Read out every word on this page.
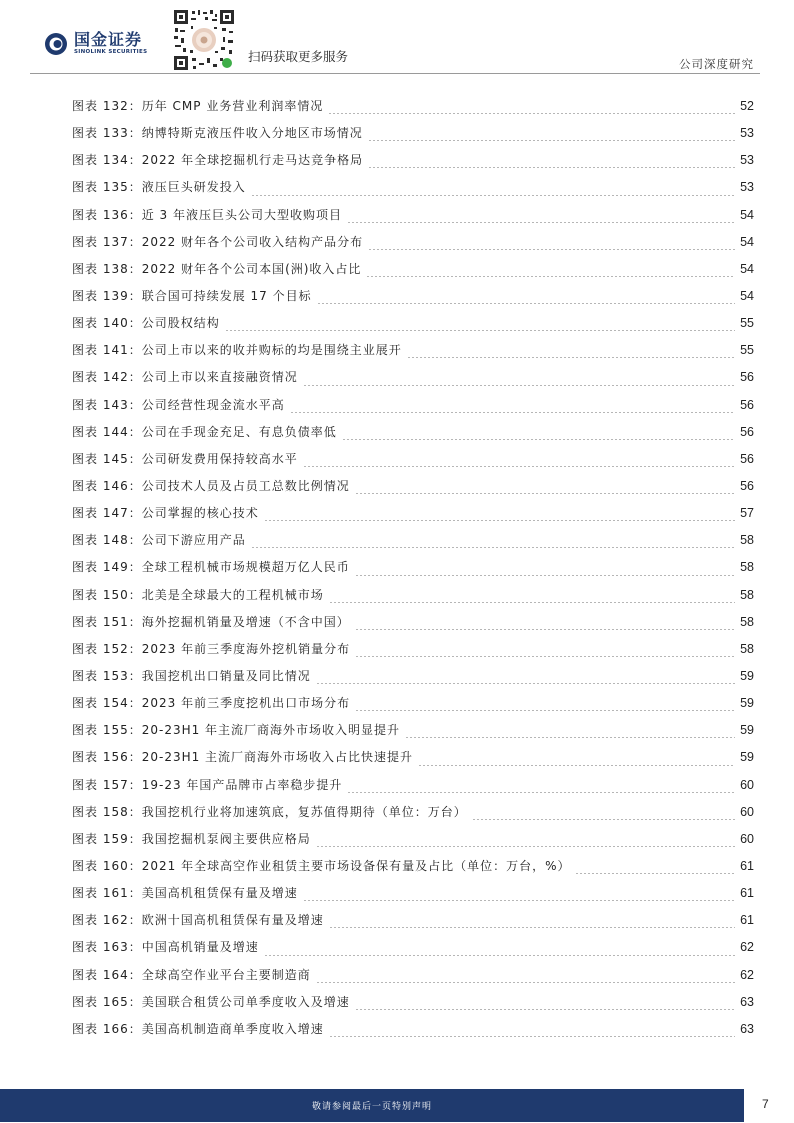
国金证券
SINOLINK SECURITIES	扫码获取更多服务	公司深度研究
图表 132：历年 CMP 业务营业利润率情况	52
图表 133：纳博特斯克液压件收入分地区市场情况	53
图表 134：2022 年全球挖掘机行走马达竞争格局	53
图表 135：液压巨头研发投入	53
图表 136：近 3 年液压巨头公司大型收购项目	54
图表 137：2022 财年各个公司收入结构产品分布	54
图表 138：2022 财年各个公司本国(洲)收入占比	54
图表 139：联合国可持续发展 17 个目标	54
图表 140：公司股权结构	55
图表 141：公司上市以来的收并购标的均是围绕主业展开	55
图表 142：公司上市以来直接融资情况	56
图表 143：公司经营性现金流水平高	56
图表 144：公司在手现金充足、有息负债率低	56
图表 145：公司研发费用保持较高水平	56
图表 146：公司技术人员及占员工总数比例情况	56
图表 147：公司掌握的核心技术	57
图表 148：公司下游应用产品	58
图表 149：全球工程机械市场规模超万亿人民币	58
图表 150：北美是全球最大的工程机械市场	58
图表 151：海外挖掘机销量及增速（不含中国）	58
图表 152：2023 年前三季度海外挖机销量分布	58
图表 153：我国挖机出口销量及同比情况	59
图表 154：2023 年前三季度挖机出口市场分布	59
图表 155：20-23H1 年主流厂商海外市场收入明显提升	59
图表 156：20-23H1 主流厂商海外市场收入占比快速提升	59
图表 157：19-23 年国产品牌市占率稳步提升	60
图表 158：我国挖机行业将加速筑底，复苏值得期待（单位：万台）	60
图表 159：我国挖掘机泵阀主要供应格局	60
图表 160：2021 年全球高空作业租赁主要市场设备保有量及占比（单位：万台，%）	61
图表 161：美国高机租赁保有量及增速	61
图表 162：欧洲十国高机租赁保有量及增速	61
图表 163：中国高机销量及增速	62
图表 164：全球高空作业平台主要制造商	62
图表 165：美国联合租赁公司单季度收入及增速	63
图表 166：美国高机制造商单季度收入增速	63
敬请参阅最后一页特别声明	7
